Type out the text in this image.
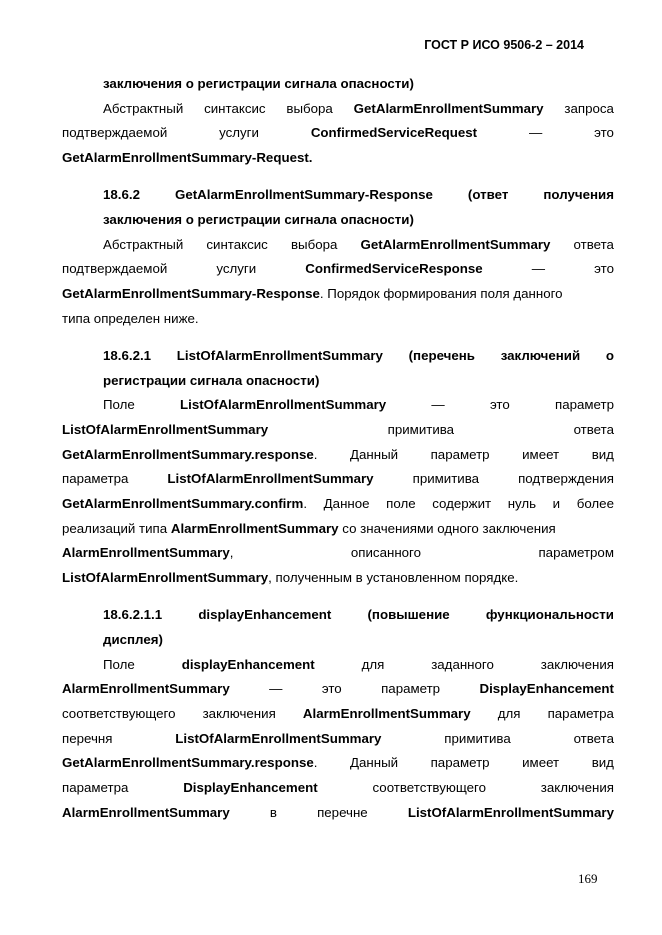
ГОСТ Р ИСО 9506-2 – 2014
заключения о регистрации сигнала опасности)
Абстрактный синтаксис выбора GetAlarmEnrollmentSummary запроса
подтверждаемой	услуги	ConfirmedServiceRequest	—	это
GetAlarmEnrollmentSummary-Request.
18.6.2	GetAlarmEnrollmentSummary-Response	(ответ	получения
заключения о регистрации сигнала опасности)
Абстрактный синтаксис выбора GetAlarmEnrollmentSummary ответа
подтверждаемой	услуги	ConfirmedServiceResponse	—	это
GetAlarmEnrollmentSummary-Response . Порядок формирования поля данного
типа определен ниже.
18.6.2.1 ListOfAlarmEnrollmentSummary (перечень заключений о
регистрации сигнала опасности)
Поле	ListOfAlarmEnrollmentSummary	—	это	параметр
ListOfAlarmEnrollmentSummary	примитива	ответа
GetAlarmEnrollmentSummary.response. Данный параметр имеет вид
параметра	ListOfAlarmEnrollmentSummary	примитива	подтверждения
GetAlarmEnrollmentSummary.confirm. Данное поле содержит нуль и более
реализаций типа AlarmEnrollmentSummary со значениями одного заключения
AlarmEnrollmentSummary,	описанного	параметром
ListOfAlarmEnrollmentSummary , полученным в установленном порядке.
18.6.2.1.1	displayEnhancement	(повышение	функциональности
дисплея)
Поле	displayEnhancement	для	заданного	заключения
AlarmEnrollmentSummary	—	это	параметр	DisplayEnhancement
соответствующего заключения AlarmEnrollmentSummary для параметра
перечня	ListOfAlarmEnrollmentSummary	примитива	ответа
GetAlarmEnrollmentSummary.response. Данный параметр имеет вид
параметра	DisplayEnhancement	соответствующего	заключения
AlarmEnrollmentSummary	в	перечне	ListOfAlarmEnrollmentSummary
169
